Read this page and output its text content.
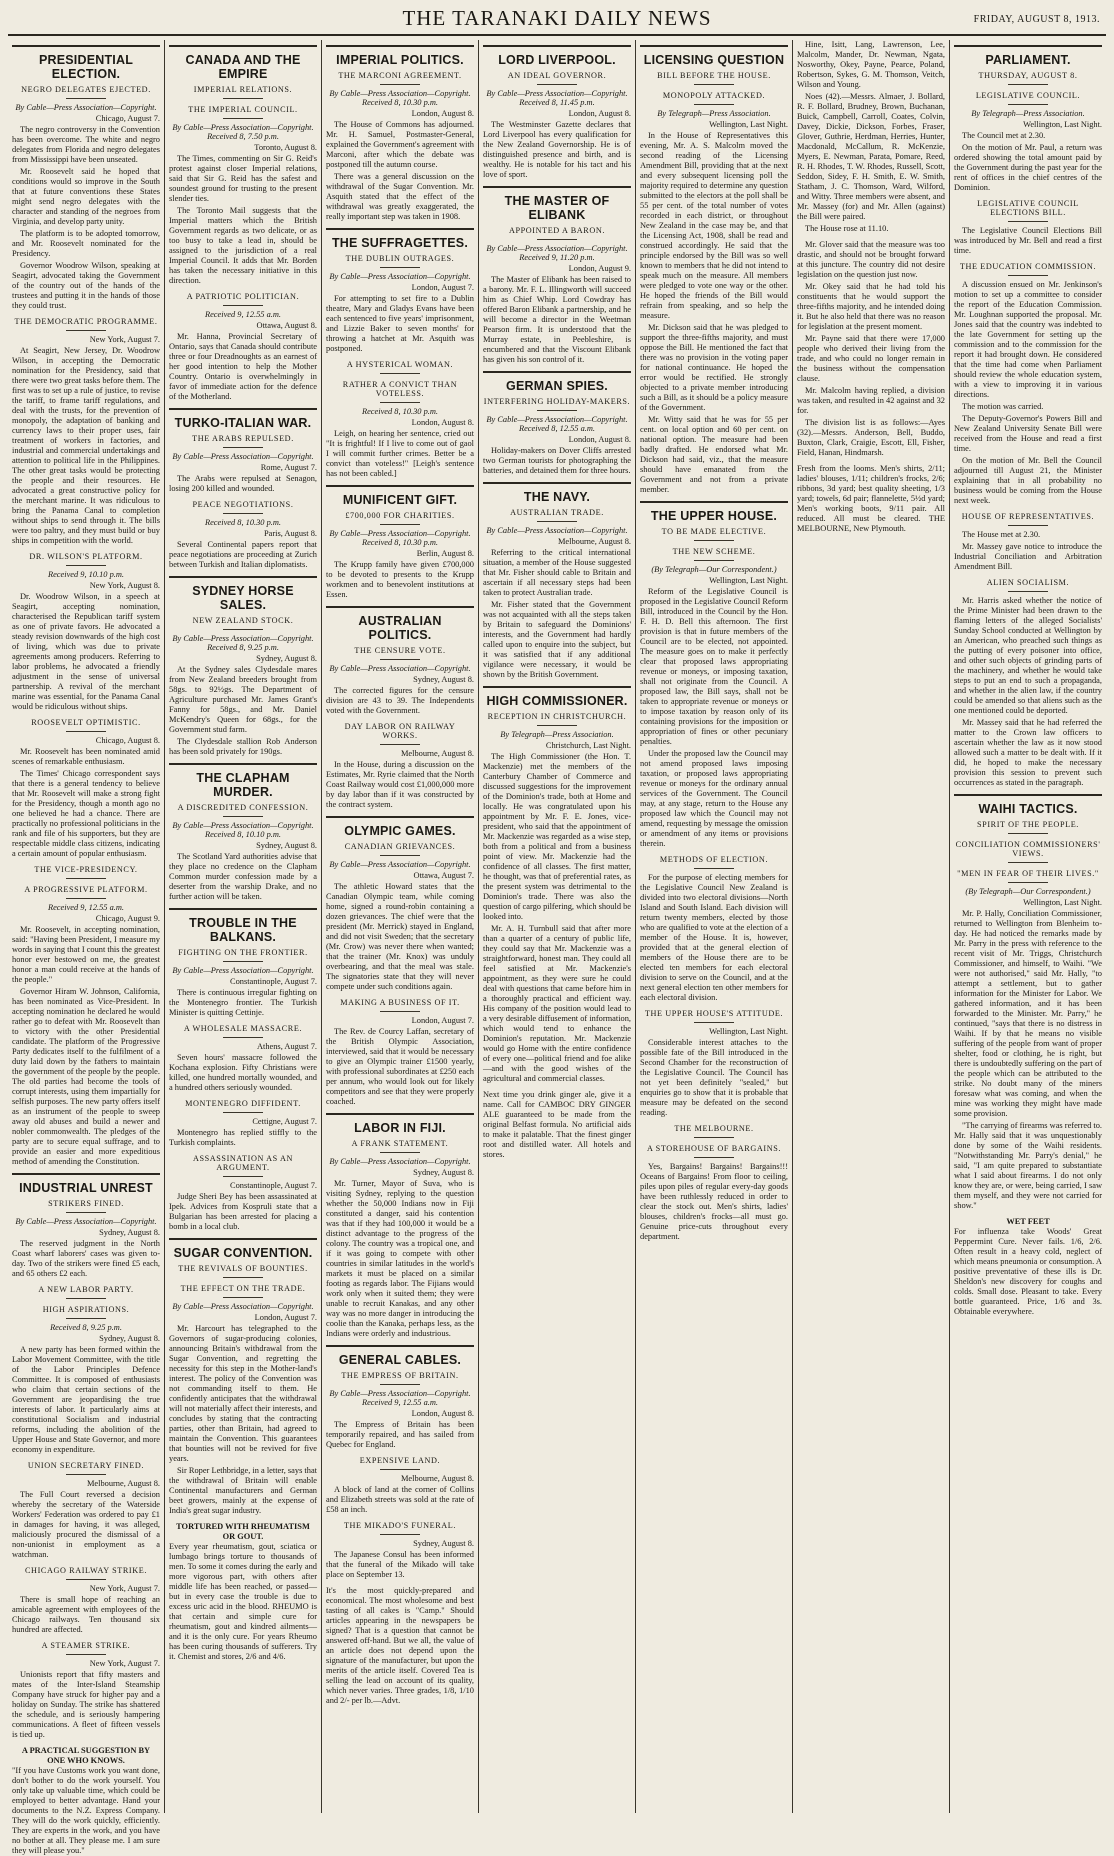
THE TARANAKI DAILY NEWS	FRIDAY, AUGUST 8, 1913.
PRESIDENTIAL ELECTION.
NEGRO DELEGATES EJECTED.
By Cable—Press Association—Copyright.
Chicago, August 7.

The negro controversy in the Convention has been overcome. The white and negro delegates from Florida and negro delegates from Mississippi have been unseated.

Mr. Roosevelt said he hoped that conditions would so improve in the South that at future conventions these States might send negro delegates with the character and standing of the negroes from Virginia, and develop party unity.

The platform is to be adopted tomorrow, and Mr. Roosevelt nominated for the Presidency.

Governor Woodrow Wilson, speaking at Seagirt, advocated taking the Government of the country out of the hands of the trustees and putting it in the hands of those they could trust.

THE DEMOCRATIC PROGRAMME.
New York, August 7.

At Seagirt, New Jersey, Dr. Woodrow Wilson, in accepting the Democratic nomination for the Presidency, said that there were two great tasks before them. The first was to set up a rule of justice, to revise the tariff, to frame tariff regulations, and deal with the trusts, for the prevention of monopoly, the adaptation of banking and currency laws to their proper uses, fair treatment of workers in factories, and industrial and commercial undertakings and attention to political life in the Philippines. The other great tasks would be protecting the people and their resources. He advocated a great constructive policy for the merchant marine. It was ridiculous to bring the Panama Canal to completion without ships to send through it. The bills were too paltry, and they must build or buy ships in competition with the world.

DR. WILSON'S PLATFORM.
Received 9, 10.10 p.m.
New York, August 8.

Dr. Woodrow Wilson, in a speech at Seagirt, accepting nomination, characterised the Republican tariff system as one of private favors. He advocated a steady revision downwards of the high cost of living, which was due to private agreements among producers. Referring to labor problems, he advocated a friendly adjustment in the sense of universal partnership. A revival of the merchant marine was essential, for the Panama Canal would be ridiculous without ships.

ROOSEVELT OPTIMISTIC.
Chicago, August 8.

Mr. Roosevelt has been nominated amid scenes of remarkable enthusiasm.

The Times' Chicago correspondent says that there is a general tendency to believe that Mr. Roosevelt will make a strong fight for the Presidency, though a month ago no one believed he had a chance. There are practically no professional politicians in the rank and file of his supporters, but they are respectable middle class citizens, indicating a certain amount of popular enthusiasm.

THE VICE-PRESIDENCY.
A PROGRESSIVE PLATFORM.
Received 9, 12.55 a.m.
Chicago, August 9.

Mr. Roosevelt, in accepting nomination, said: "Having been President, I measure my words in saying that I count this the greatest honor ever bestowed on me, the greatest honor a man could receive at the hands of the people."

Governor Hiram W. Johnson, California, has been nominated as Vice-President. In accepting nomination he declared he would rather go to defeat with Mr. Roosevelt than to victory with the other Presidential candidate. The platform of the Progressive Party dedicates itself to the fulfilment of a duty laid down by the fathers to maintain the government of the people by the people. The old parties had become the tools of corrupt interests, using them impartially for selfish purposes. The new party offers itself as an instrument of the people to sweep away old abuses and build a newer and nobler commonwealth. The pledges of the party are to secure equal suffrage, and to provide an easier and more expeditious method of amending the Constitution.

INDUSTRIAL UNREST
STRIKERS FINED.
By Cable—Press Association—Copyright.
Sydney, August 8.

The reserved judgment in the North Coast wharf laborers' cases was given to-day. Two of the strikers were fined £5 each, and 65 others £2 each.

A NEW LABOR PARTY.
HIGH ASPIRATIONS.
Received 8, 9.25 p.m.
Sydney, August 8.

A new party has been formed within the Labor Movement Committee, with the title of the Labor Principles Defence Committee. It is composed of enthusiasts who claim that certain sections of the Government are jeopardising the true interests of labor. It particularly aims at constitutional Socialism and industrial reforms, including the abolition of the Upper House and State Governor, and more economy in expenditure.

UNION SECRETARY FINED.
Melbourne, August 8.

The Full Court reversed a decision whereby the secretary of the Waterside Workers' Federation was ordered to pay £1 in damages for having, it was alleged, maliciously procured the dismissal of a non-unionist in employment as a watchman.

CHICAGO RAILWAY STRIKE.
New York, August 7.

There is small hope of reaching an amicable agreement with employees of the Chicago railways. Ten thousand six hundred are affected.

A STEAMER STRIKE.
New York, August 7.

Unionists report that fifty masters and mates of the Inter-Island Steamship Company have struck for higher pay and a holiday on Sunday. The strike has shattered the schedule, and is seriously hampering communications. A fleet of fifteen vessels is tied up.

A PRACTICAL SUGGESTION BY ONE WHO KNOWS.
"If you have Customs work you want done, don't bother to do the work yourself. You only take up valuable time, which could be employed to better advantage. Hand your documents to the N.Z. Express Company. They will do the work quickly, efficiently. They are experts in the work, and you have no bother at all. They please me. I am sure they will please you."
CANADA AND THE EMPIRE
IMPERIAL RELATIONS.
THE IMPERIAL COUNCIL.
By Cable—Press Association—Copyright. Received 8, 7.50 p.m.
Toronto, August 8.

The Times, commenting on Sir G. Reid's protest against closer Imperial relations, said that Sir G. Reid has the safest and soundest ground for trusting to the present slender ties.

The Toronto Mail suggests that the Imperial matters which the British Government regards as two delicate, or as too busy to take a lead in, should be assigned to the jurisdiction of a real Imperial Council. It adds that Mr. Borden has taken the necessary initiative in this direction.

A PATRIOTIC POLITICIAN.
Received 9, 12.55 a.m.
Ottawa, August 8.

Mr. Hanna, Provincial Secretary of Ontario, says that Canada should contribute three or four Dreadnoughts as an earnest of her good intention to help the Mother Country. Ontario is overwhelmingly in favor of immediate action for the defence of the Motherland.

TURKO-ITALIAN WAR.
THE ARABS REPULSED.
By Cable—Press Association—Copyright.
Rome, August 7.

The Arabs were repulsed at Senagon, losing 200 killed and wounded.

PEACE NEGOTIATIONS.
Received 8, 10.30 p.m.
Paris, August 8.

Several Continental papers report that peace negotiations are proceeding at Zurich between Turkish and Italian diplomatists.

SYDNEY HORSE SALES.
NEW ZEALAND STOCK.
By Cable—Press Association—Copyright. Received 8, 9.25 p.m.
Sydney, August 8.

At the Sydney sales Clydesdale mares from New Zealand breeders brought from 58gs. to 92½gs. The Department of Agriculture purchased Mr. James Grant's Fanny for 58gs., and Mr. Daniel McKendry's Queen for 68gs., for the Government stud farm.

The Clydesdale stallion Rob Anderson has been sold privately for 190gs.

THE CLAPHAM MURDER.
A DISCREDITED CONFESSION.
By Cable—Press Association—Copyright. Received 8, 10.10 p.m.
Sydney, August 8.

The Scotland Yard authorities advise that they place no credence on the Clapham Common murder confession made by a deserter from the warship Drake, and no further action will be taken.

TROUBLE IN THE BALKANS.
FIGHTING ON THE FRONTIER.
By Cable—Press Association—Copyright.
Constantinople, August 7.

There is continuous irregular fighting on the Montenegro frontier. The Turkish Minister is quitting Cettinje.

A WHOLESALE MASSACRE.
Athens, August 7.

Seven hours' massacre followed the Kochana explosion. Fifty Christians were killed, one hundred mortally wounded, and a hundred others seriously wounded.

MONTENEGRO DIFFIDENT.
Cettigne, August 7.

Montenegro has replied stiffly to the Turkish complaints.

ASSASSINATION AS AN ARGUMENT.
Constantinople, August 7.

Judge Sheri Bey has been assassinated at Ipek. Advices from Kospruli state that a Bulgarian has been arrested for placing a bomb in a local club.

SUGAR CONVENTION.
THE REVIVALS OF BOUNTIES.
THE EFFECT ON THE TRADE.
By Cable—Press Association—Copyright.
London, August 7.

Mr. Harcourt has telegraphed to the Governors of sugar-producing colonies, announcing Britain's withdrawal from the Sugar Convention, and regretting the necessity for this step in the Mother-land's interest. The policy of the Convention was not commanding itself to them. He confidently anticipates that the withdrawal will not materially affect their interests, and concludes by stating that the contracting parties, other than Britain, had agreed to maintain the Convention. This guarantees that bounties will not be revived for five years.

Sir Roper Lethbridge, in a letter, says that the withdrawal of Britain will enable Continental manufacturers and German beet growers, mainly at the expense of India's great sugar industry.

TORTURED WITH RHEUMATISM OR GOUT.
Every year rheumatism, gout, sciatica or lumbago brings torture to thousands of men. To some it comes during the early and more vigorous part, with others after middle life has been reached, or passed—but in every case the trouble is due to excess uric acid in the blood. RHEUMO is that certain and simple cure for rheumatism, gout and kindred ailments—and it is the only cure. For years Rheumo has been curing thousands of sufferers. Try it. Chemist and stores, 2/6 and 4/6.
IMPERIAL POLITICS.
THE MARCONI AGREEMENT.
By Cable—Press Association—Copyright. Received 8, 10.30 p.m.
London, August 8.

The House of Commons has adjourned. Mr. H. Samuel, Postmaster-General, explained the Government's agreement with Marconi, after which the debate was postponed till the autumn course.

There was a general discussion on the withdrawal of the Sugar Convention. Mr. Asquith stated that the effect of the withdrawal was greatly exaggerated, the really important step was taken in 1908.

THE SUFFRAGETTES.
THE DUBLIN OUTRAGES.
By Cable—Press Association—Copyright.
London, August 7.

For attempting to set fire to a Dublin theatre, Mary and Gladys Evans have been each sentenced to five years' imprisonment, and Lizzie Baker to seven months' for throwing a hatchet at Mr. Asquith was postponed.

A HYSTERICAL WOMAN.
RATHER A CONVICT THAN VOTELESS.
Received 8, 10.30 p.m.
London, August 8.

Leigh, on hearing her sentence, cried out "It is frightful! If I live to come out of gaol I will commit further crimes. Better be a convict than voteless!" [Leigh's sentence has not been cabled.]

MUNIFICENT GIFT.
£700,000 FOR CHARITIES.
By Cable—Press Association—Copyright. Received 8, 10.30 p.m.
Berlin, August 8.

The Krupp family have given £700,000 to be devoted to presents to the Krupp workmen and to benevolent institutions at Essen.

AUSTRALIAN POLITICS.
THE CENSURE VOTE.
By Cable—Press Association—Copyright.
Sydney, August 8.

The corrected figures for the censure division are 43 to 39. The Independents voted with the Government.

DAY LABOR ON RAILWAY WORKS.
Melbourne, August 8.

In the House, during a discussion on the Estimates, Mr. Ryrie claimed that the North Coast Railway would cost £1,000,000 more by day labor than if it was constructed by the contract system.

OLYMPIC GAMES.
CANADIAN GRIEVANCES.
By Cable—Press Association—Copyright.
Ottawa, August 7.

The athletic Howard states that the Canadian Olympic team, while coming home, signed a round-robin containing a dozen grievances. The chief were that the president (Mr. Merrick) stayed in England, and did not visit Sweden; that the secretary (Mr. Crow) was never there when wanted; that the trainer (Mr. Knox) was unduly overbearing, and that the meal was stale. The signatories state that they will never compete under such conditions again.

MAKING A BUSINESS OF IT.
London, August 7.

The Rev. de Courcy Laffan, secretary of the British Olympic Association, interviewed, said that it would be necessary to give an Olympic trainer £1500 yearly, with professional subordinates at £250 each per annum, who would look out for likely competitors and see that they were properly coached.

LABOR IN FIJI.
A FRANK STATEMENT.
By Cable—Press Association—Copyright.
Sydney, August 8.

Mr. Turner, Mayor of Suva, who is visiting Sydney, replying to the question whether the 50,000 Indians now in Fiji constituted a danger, said his contention was that if they had 100,000 it would be a distinct advantage to the progress of the colony. The country was a tropical one, and if it was going to compete with other countries in similar latitudes in the world's markets it must be placed on a similar footing as regards labor. The Fijians would work only when it suited them; they were unable to recruit Kanakas, and any other way was no more danger in introducing the coolie than the Kanaka, perhaps less, as the Indians were orderly and industrious.

GENERAL CABLES.
THE EMPRESS OF BRITAIN.
By Cable—Press Association—Copyright. Received 9, 12.55 a.m.
London, August 8.

The Empress of Britain has been temporarily repaired, and has sailed from Quebec for England.

EXPENSIVE LAND.
Melbourne, August 8.

A block of land at the corner of Collins and Elizabeth streets was sold at the rate of £58 an inch.

THE MIKADO'S FUNERAL.
Sydney, August 8.

The Japanese Consul has been informed that the funeral of the Mikado will take place on September 13.

It's the most quickly-prepared and economical. The most wholesome and best tasting of all cakes is "Camp." Should articles appearing in the newspapers be signed? That is a question that cannot be answered off-hand. But we all, the value of an article does not depend upon the signature of the manufacturer, but upon the merits of the article itself. Covered Tea is selling the lead on account of its quality, which never varies. Three grades, 1/8, 1/10 and 2/- per lb.—Advt.
LORD LIVERPOOL.
AN IDEAL GOVERNOR.
By Cable—Press Association—Copyright. Received 8, 11.45 p.m.
London, August 8.

The Westminster Gazette declares that Lord Liverpool has every qualification for the New Zealand Governorship. He is of distinguished presence and birth, and is wealthy. He is notable for his tact and his love of sport.

THE MASTER OF ELIBANK
APPOINTED A BARON.
By Cable—Press Association—Copyright. Received 9, 11.20 p.m.
London, August 9.

The Master of Elibank has been raised to a barony. Mr. F. L. Illingworth will succeed him as Chief Whip. Lord Cowdray has offered Baron Elibank a partnership, and he will become a director in the Weetman Pearson firm. It is understood that the Murray estate, in Peebleshire, is encumbered and that the Viscount Elibank has given his son control of it.

GERMAN SPIES.
INTERFERING HOLIDAY-MAKERS.
By Cable—Press Association—Copyright. Received 8, 12.55 a.m.
London, August 8.

Holiday-makers on Dover Cliffs arrested two German tourists for photographing the batteries, and detained them for three hours.

THE NAVY.
AUSTRALIAN TRADE.
By Cable—Press Association—Copyright.
Melbourne, August 8.

Referring to the critical international situation, a member of the House suggested that Mr. Fisher should cable to Britain and ascertain if all necessary steps had been taken to protect Australian trade.

Mr. Fisher stated that the Government was not acquainted with all the steps taken by Britain to safeguard the Dominions' interests, and the Government had hardly called upon to enquire into the subject, but it was satisfied that if any additional vigilance were necessary, it would be shown by the British Government.

HIGH COMMISSIONER.
RECEPTION IN CHRISTCHURCH.
By Telegraph—Press Association.
Christchurch, Last Night.

The High Commissioner (the Hon. T. Mackenzie) met the members of the Canterbury Chamber of Commerce and discussed suggestions for the improvement of the Dominion's trade, both at Home and locally. He was congratulated upon his appointment by Mr. F. E. Jones, vice-president, who said that the appointment of Mr. Mackenzie was regarded as a wise step, both from a political and from a business point of view. Mr. Mackenzie had the confidence of all classes. The first matter, he thought, was that of preferential rates, as the present system was detrimental to the Dominion's trade. There was also the question of cargo pilfering, which should be looked into.

Mr. A. H. Turnbull said that after more than a quarter of a century of public life, they could say that Mr. Mackenzie was a straightforward, honest man. They could all feel satisfied at Mr. Mackenzie's appointment, as they were sure he could deal with questions that came before him in a thoroughly practical and efficient way. His company of the position would lead to a very desirable diffusement of information, which would tend to enhance the Dominion's reputation. Mr. Mackenzie would go Home with the entire confidence of every one—political friend and foe alike—and with the good wishes of the agricultural and commercial classes.

Next time you drink ginger ale, give it a name. Call for CAMBOC DRY GINGER ALE guaranteed to be made from the original Belfast formula. No artificial aids to make it palatable. That the finest ginger root and distilled water. All hotels and stores.
LICENSING QUESTION
BILL BEFORE THE HOUSE.
MONOPOLY ATTACKED.
By Telegraph—Press Association.
Wellington, Last Night.

In the House of Representatives this evening, Mr. A. S. Malcolm moved the second reading of the Licensing Amendment Bill, providing that at the next and every subsequent licensing poll the majority required to determine any question submitted to the electors at the poll shall be 55 per cent. of the total number of votes recorded in each district, or throughout New Zealand in the case may be, and that the Licensing Act, 1908, shall be read and construed accordingly. He said that the principle endorsed by the Bill was so well known to members that he did not intend to speak much on the measure. All members were pledged to vote one way or the other. He hoped the friends of the Bill would refrain from speaking, and so help the measure.

Mr. Dickson said that he was pledged to support the three-fifths majority, and must oppose the Bill. He mentioned the fact that there was no provision in the voting paper for national continuance. He hoped the error would be rectified. He strongly objected to a private member introducing such a Bill, as it should be a policy measure of the Government.

Mr. Witty said that he was for 55 per cent. on local option and 60 per cent. on national option. The measure had been badly drafted. He endorsed what Mr. Dickson had said, viz., that the measure should have emanated from the Government and not from a private member.

THE UPPER HOUSE.
TO BE MADE ELECTIVE.
THE NEW SCHEME.
(By Telegraph—Our Correspondent.)
Wellington, Last Night.

Reform of the Legislative Council is proposed in the Legislative Council Reform Bill, introduced in the Council by the Hon. F. H. D. Bell this afternoon. The first provision is that in future members of the Council are to be elected, not appointed. The measure goes on to make it perfectly clear that proposed laws appropriating revenue or moneys, or imposing taxation, shall not originate from the Council. A proposed law, the Bill says, shall not be taken to appropriate revenue or moneys or to impose taxation by reason only of its containing provisions for the imposition or appropriation of fines or other pecuniary penalties.

Under the proposed law the Council may not amend proposed laws imposing taxation, or proposed laws appropriating revenue or moneys for the ordinary annual services of the Government. The Council may, at any stage, return to the House any proposed law which the Council may not amend, requesting by message the omission or amendment of any items or provisions therein.

METHODS OF ELECTION.

For the purpose of electing members for the Legislative Council New Zealand is divided into two electoral divisions—North Island and South Island. Each division will return twenty members, elected by those who are qualified to vote at the election of a member of the House. It is, however, provided that at the general election of members of the House there are to be elected ten members for each electoral division to serve on the Council, and at the next general election ten other members for each electoral division.

THE UPPER HOUSE'S ATTITUDE.
Wellington, Last Night.

Considerable interest attaches to the possible fate of the Bill introduced in the Second Chamber for the reconstruction of the Legislative Council. The Council has not yet been definitely "sealed," but enquiries go to show that it is probable that measure may be defeated on the second reading.

THE MELBOURNE.
A STOREHOUSE OF BARGAINS.

Yes, Bargains! Bargains! Bargains!!! Oceans of Bargains! From floor to ceiling, piles upon piles of regular every-day goods have been ruthlessly reduced in order to clear the stock out. Men's shirts, ladies' blouses, children's frocks—all must go. Genuine price-cuts throughout every department.

Hine, Isitt, Lang, Lawrenson, Lee, Malcolm, Mander, Dr. Newman, Ngata, Nosworthy, Okey, Payne, Pearce, Poland, Robertson, Sykes, G. M. Thomson, Veitch, Wilson and Young.

Noes (42).—Messrs. Almaer, J. Bollard, R. F. Bollard, Brudney, Brown, Buchanan, Buick, Campbell, Carroll, Coates, Colvin, Davey, Dickie, Dickson, Forbes, Fraser, Glover, Guthrie, Herdman, Herries, Hunter, Macdonald, McCallum, R. McKenzie, Myers, E. Newman, Parata, Pomare, Reed, R. H. Rhodes, T. W. Rhodes, Russell, Scott, Seddon, Sidey, F. H. Smith, E. W. Smith, Statham, J. C. Thomson, Ward, Wilford, and Witty. Three members were absent, and Mr. Massey (for) and Mr. Allen (against) the Bill were paired.

The House rose at 11.10.

Mr. Glover said that the measure was too drastic, and should not be brought forward at this juncture. The country did not desire legislation on the question just now.

Mr. Okey said that he had told his constituents that he would support the three-fifths majority, and he intended doing it. But he also held that there was no reason for legislation at the present moment.

Mr. Payne said that there were 17,000 people who derived their living from the trade, and who could no longer remain in the business without the compensation clause.

Mr. Malcolm having replied, a division was taken, and resulted in 42 against and 32 for.

The division list is as follows:—Ayes (32).—Messrs. Anderson, Bell, Buddo, Buxton, Clark, Craigie, Escott, Ell, Fisher, Field, Hanan, Hindmarsh.

Fresh from the looms. Men's shirts, 2/11; ladies' blouses, 1/11; children's frocks, 2/6; ribbons, 3d yard; best quality sheeting, 1/3 yard; towels, 6d pair; flannelette, 5½d yard; Men's working boots, 9/11 pair. All reduced. All must be cleared. THE MELBOURNE, New Plymouth.
PARLIAMENT.
THURSDAY, AUGUST 8.
LEGISLATIVE COUNCIL.
By Telegraph—Press Association.
Wellington, Last Night.

The Council met at 2.30.

On the motion of Mr. Paul, a return was ordered showing the total amount paid by the Government during the past year for the rent of offices in the chief centres of the Dominion.

LEGISLATIVE COUNCIL ELECTIONS BILL.

The Legislative Council Elections Bill was introduced by Mr. Bell and read a first time.

THE EDUCATION COMMISSION.

A discussion ensued on Mr. Jenkinson's motion to set up a committee to consider the report of the Education Commission. Mr. Loughnan supported the proposal. Mr. Jones said that the country was indebted to the late Government for setting up the commission and to the commission for the report it had brought down. He considered that the time had come when Parliament should review the whole education system, with a view to improving it in various directions.

The motion was carried.

The Deputy-Governor's Powers Bill and New Zealand University Senate Bill were received from the House and read a first time.

On the motion of Mr. Bell the Council adjourned till August 21, the Minister explaining that in all probability no business would be coming from the House next week.

HOUSE OF REPRESENTATIVES.

The House met at 2.30.

Mr. Massey gave notice to introduce the Industrial Conciliation and Arbitration Amendment Bill.

ALIEN SOCIALISM.

Mr. Harris asked whether the notice of the Prime Minister had been drawn to the flaming letters of the alleged Socialists' Sunday School conducted at Wellington by an American, who preached such things as the putting of every poisoner into office, and other such objects of grinding parts of the machinery, and whether he would take steps to put an end to such a propaganda, and whether in the alien law, if the country could be amended so that aliens such as the one mentioned could be deported.

Mr. Massey said that he had referred the matter to the Crown law officers to ascertain whether the law as it now stood allowed such a matter to be dealt with. If it did, he hoped to make the necessary provision this session to prevent such occurrences as stated in the paragraph.

WAIHI TACTICS.
SPIRIT OF THE PEOPLE.
CONCILIATION COMMISSIONERS' VIEWS.
"MEN IN FEAR OF THEIR LIVES."
(By Telegraph—Our Correspondent.)
Wellington, Last Night.

Mr. P. Hally, Conciliation Commissioner, returned to Wellington from Blenheim to-day. He had noticed the remarks made by Mr. Parry in the press with reference to the recent visit of Mr. Triggs, Christchurch Commissioner, and himself, to Waihi. "We were not authorised," said Mr. Hally, "to attempt a settlement, but to gather information for the Minister for Labor. We gathered information, and it has been forwarded to the Minister. Mr. Parry," he continued, "says that there is no distress in Waihi. If by that he means no visible suffering of the people from want of proper shelter, food or clothing, he is right, but there is undoubtedly suffering on the part of the people which can be attributed to the strike. No doubt many of the miners foresaw what was coming, and when the mine was working they might have made some provision.

"The carrying of firearms was referred to. Mr. Hally said that it was unquestionably done by some of the Waihi residents. "Notwithstanding Mr. Parry's denial," he said, "I am quite prepared to substantiate what I said about firearms. I do not only know they are, or were, being carried, I saw them myself, and they were not carried for show."

WET FEET
For influenza take Woods' Great Peppermint Cure. Never fails. 1/6, 2/6. Often result in a heavy cold, neglect of which means pneumonia or consumption. A positive preventative of these ills is Dr. Sheldon's new discovery for coughs and colds. Small dose. Pleasant to take. Every bottle guaranteed. Price, 1/6 and 3s. Obtainable everywhere.
